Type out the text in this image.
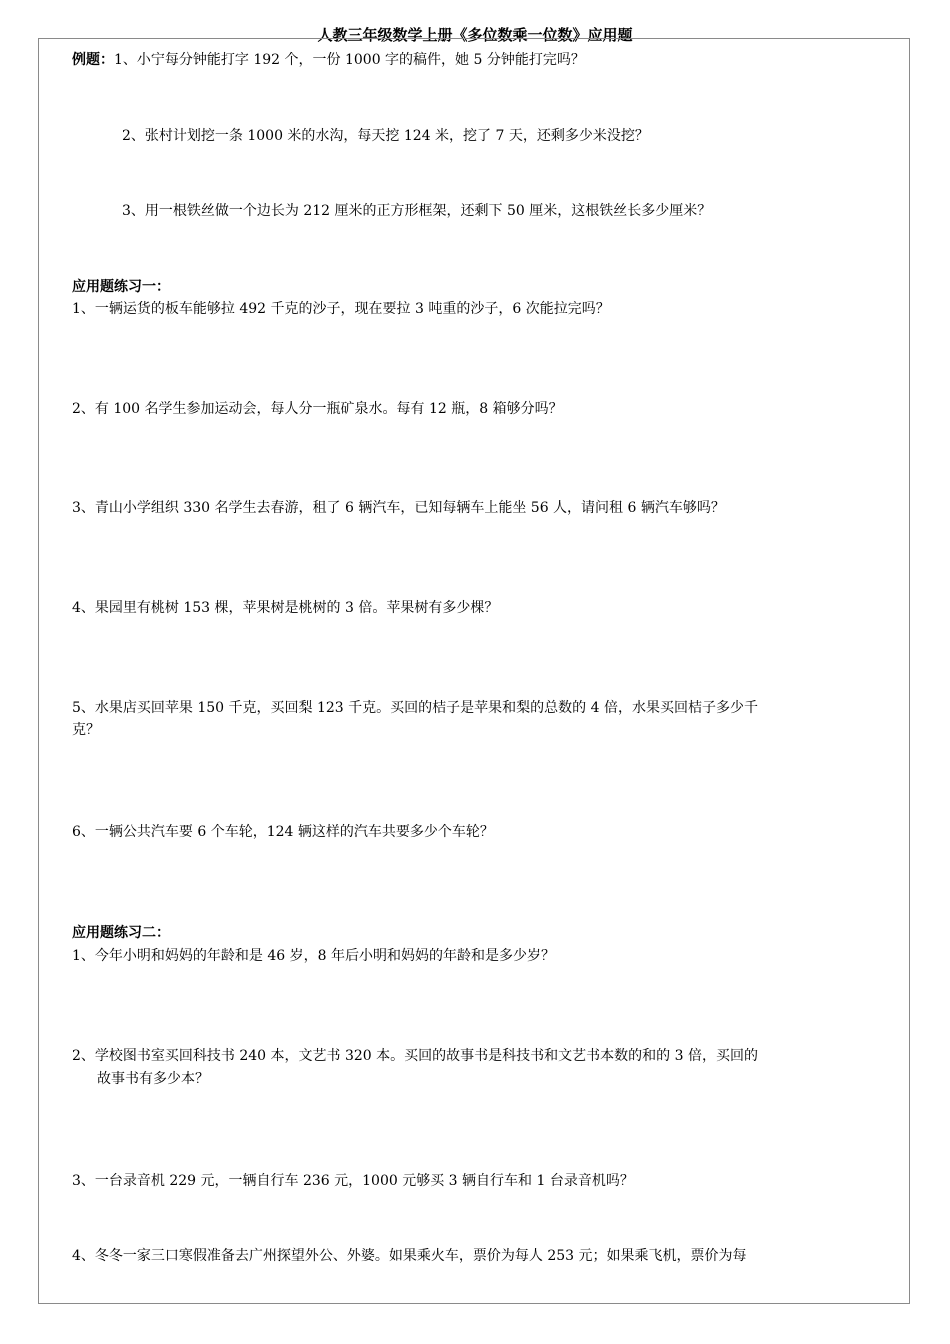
人教三年级数学上册《多位数乘一位数》应用题
例题：1、小宁每分钟能打字 192 个，一份 1000 字的稿件，她 5 分钟能打完吗？
2、张村计划挖一条 1000 米的水沟，每天挖 124 米，挖了 7 天，还剩多少米没挖？
3、用一根铁丝做一个边长为 212 厘米的正方形框架，还剩下 50 厘米，这根铁丝长多少厘米？
应用题练习一：
1、一辆运货的板车能够拉 492 千克的沙子，现在要拉 3 吨重的沙子，6 次能拉完吗？
2、有 100 名学生参加运动会，每人分一瓶矿泉水。每有 12 瓶，8 箱够分吗？
3、青山小学组织 330 名学生去春游，租了 6 辆汽车，已知每辆车上能坐 56 人，请问租 6 辆汽车够吗？
4、果园里有桃树 153 棵，苹果树是桃树的 3 倍。苹果树有多少棵？
5、水果店买回苹果 150 千克，买回梨 123 千克。买回的桔子是苹果和梨的总数的 4 倍，水果买回桔子多少千
克？
6、一辆公共汽车要 6 个车轮，124 辆这样的汽车共要多少个车轮？
应用题练习二：
1、今年小明和妈妈的年龄和是 46 岁，8 年后小明和妈妈的年龄和是多少岁？
2、学校图书室买回科技书 240 本，文艺书 320 本。买回的故事书是科技书和文艺书本数的和的 3 倍，买回的
故事书有多少本？
3、一台录音机 229 元，一辆自行车 236 元，1000 元够买 3 辆自行车和 1 台录音机吗？
4、冬冬一家三口寒假准备去广州探望外公、外婆。如果乘火车，票价为每人 253 元；如果乘飞机，票价为每
